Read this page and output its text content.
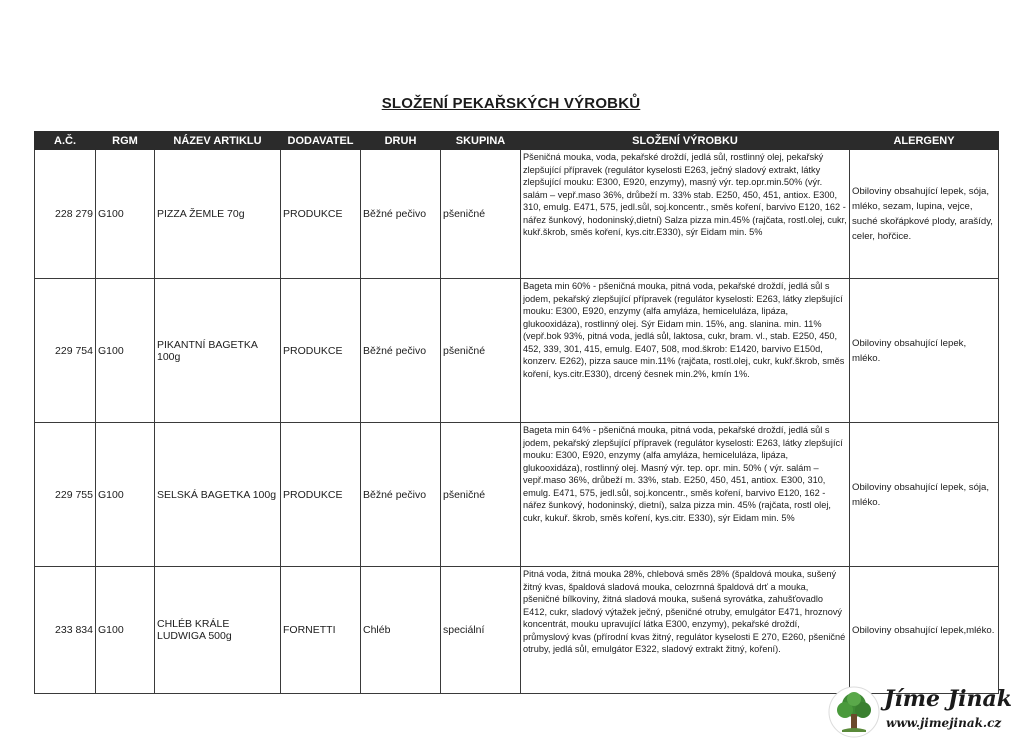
SLOŽENÍ PEKAŘSKÝCH VÝROBKŮ
A.Č.	RGM	NÁZEV ARTIKLU	DODAVATEL	DRUH	SKUPINA	SLOŽENÍ VÝROBKU	ALERGENY
228 279	G100	PIZZA ŽEMLE 70g	PRODUKCE	Běžné pečivo	pšeničné	Pšeničná mouka, voda, pekařské droždí, jedlá sůl, rostlinný olej, pekařský zlepšující přípravek (regulátor kyselosti E263, ječný sladový extrakt, látky zlepšující mouku: E300, E920, enzymy), masný výr. tep.opr.min.50% (výr. salám – vepř.maso 36%, drůbeží m. 33% stab. E250, 450, 451, antiox. E300, 310, emulg. E471, 575, jedl.sůl, soj.koncentr., směs koření, barvivo E120, 162 - nářez šunkový, hodoninský,dietní) Salza pizza min.45% (rajčata, rostl.olej, cukr, kukř.škrob, směs koření, kys.citr.E330), sýr Eidam min. 5%	Obiloviny obsahující lepek, sója, mléko, sezam, lupina, vejce, suché skořápkové plody, arašídy, celer, hořčice.
229 754	G100	PIKANTNÍ BAGETKA 100g	PRODUKCE	Běžné pečivo	pšeničné	Bageta min 60% - pšeničná mouka, pitná voda, pekařské droždí, jedlá sůl s jodem, pekařský zlepšující přípravek (regulátor kyselosti: E263, látky zlepšující mouku: E300, E920, enzymy (alfa amyláza, hemiceluláza, lipáza, glukooxidáza), rostlinný olej. Sýr Eidam min. 15%, ang. slanina. min. 11% (vepř.bok 93%, pitná voda, jedlá sůl, laktosa, cukr, bram. vl., stab. E250, 450, 452, 339, 301, 415, emulg. E407, 508, mod.škrob: E1420, barvivo E150d, konzerv. E262), pizza sauce min.11% (rajčata, rostl.olej, cukr, kukř.škrob, směs koření, kys.citr.E330), drcený česnek min.2%, kmín 1%.	Obiloviny obsahující lepek, mléko.
229 755	G100	SELSKÁ BAGETKA 100g	PRODUKCE	Běžné pečivo	pšeničné	Bageta min 64% - pšeničná mouka, pitná voda, pekařské droždí, jedlá sůl s jodem, pekařský zlepšující přípravek (regulátor kyselosti: E263, látky zlepšující mouku: E300, E920, enzymy (alfa amyláza, hemiceluláza, lipáza, glukooxidáza), rostlinný olej. Masný výr. tep. opr. min. 50% ( výr. salám – vepř.maso 36%, drůbeží m. 33%, stab. E250, 450, 451, antiox. E300, 310, emulg. E471, 575, jedl.sůl, soj.koncentr., směs koření, barvivo E120, 162 - nářez šunkový, hodoninský, dietní), salza pizza min. 45% (rajčata, rostl olej, cukr, kukuř. škrob, směs koření, kys.citr. E330), sýr Eidam min. 5%	Obiloviny obsahující lepek, sója, mléko.
233 834	G100	CHLÉB KRÁLE LUDWIGA 500g	FORNETTI	Chléb	speciální	Pitná voda, žitná mouka 28%, chlebová směs 28% (špaldová mouka, sušený žitný kvas, špaldová sladová mouka, celozrnná špaldová drť a mouka, pšeničné bílkoviny, žitná sladová mouka, sušená syrovátka, zahušťovadlo E412, cukr, sladový výtažek ječný, pšeničné otruby, emulgátor E471, hroznový koncentrát, mouku upravující látka E300, enzymy), pekařské droždí, průmyslový kvas (přírodní kvas žitný, regulátor kyselosti E 270, E260, pšeničné otruby, jedlá sůl, emulgátor E322, sladový extrakt žitný, koření).	Obiloviny obsahující lepek,mléko.
Jíme Jinak
www.jimejinak.cz
